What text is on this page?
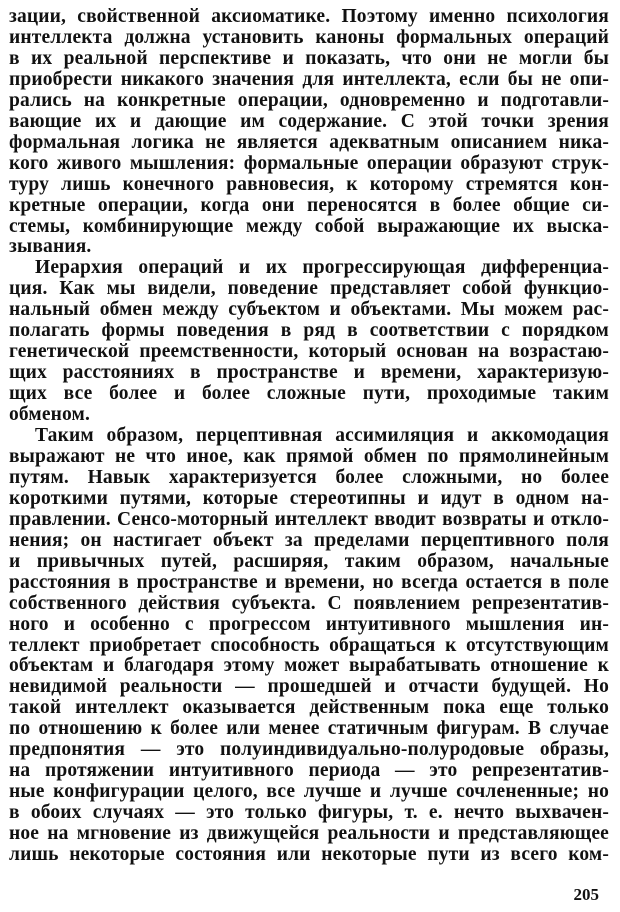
205
зации, свойственной аксиоматике. Поэтому именно психология
интеллекта должна установить каноны формальных операций
в их реальной перспективе и показать, что они не могли бы
приобрести никакого значения для интеллекта, если бы не опи-
рались на конкретные операции, одновременно и подготавли-
вающие их и дающие им содержание. С этой точки зрения
формальная логика не является адекватным описанием ника-
кого живого мышления: формальные операции образуют струк-
туру лишь конечного равновесия, к которому стремятся кон-
кретные операции, когда они переносятся в более общие си-
стемы, комбинирующие между собой выражающие их выска-
зывания.
Иерархия операций и их прогрессирующая дифференциа-
ция. Как мы видели, поведение представляет собой функцио-
нальный обмен между субъектом и объектами. Мы можем рас-
полагать формы поведения в ряд в соответствии с порядком
генетической преемственности, который основан на возрастаю-
щих расстояниях в пространстве и времени, характеризую-
щих все более и более сложные пути, проходимые таким
обменом.
Таким образом, перцептивная ассимиляция и аккомодация
выражают не что иное, как прямой обмен по прямолинейным
путям. Навык характеризуется более сложными, но более
короткими путями, которые стереотипны и идут в одном на-
правлении. Сенсо-моторный интеллект вводит возвраты и откло-
нения; он настигает объект за пределами перцептивного поля
и привычных путей, расширяя, таким образом, начальные
расстояния в пространстве и времени, но всегда остается в поле
собственного действия субъекта. С появлением репрезентатив-
ного и особенно с прогрессом интуитивного мышления ин-
теллект приобретает способность обращаться к отсутствующим
объектам и благодаря этому может вырабатывать отношение к
невидимой реальности — прошедшей и отчасти будущей. Но
такой интеллект оказывается действенным пока еще только
по отношению к более или менее статичным фигурам. В случае
предпонятия — это полуиндивидуально-полуродовые образы,
на протяжении интуитивного периода — это репрезентатив-
ные конфигурации целого, все лучше и лучше сочлененные; но
в обоих случаях — это только фигуры, т. е. нечто выхвачен-
ное на мгновение из движущейся реальности и представляющее
лишь некоторые состояния или некоторые пути из всего ком-
